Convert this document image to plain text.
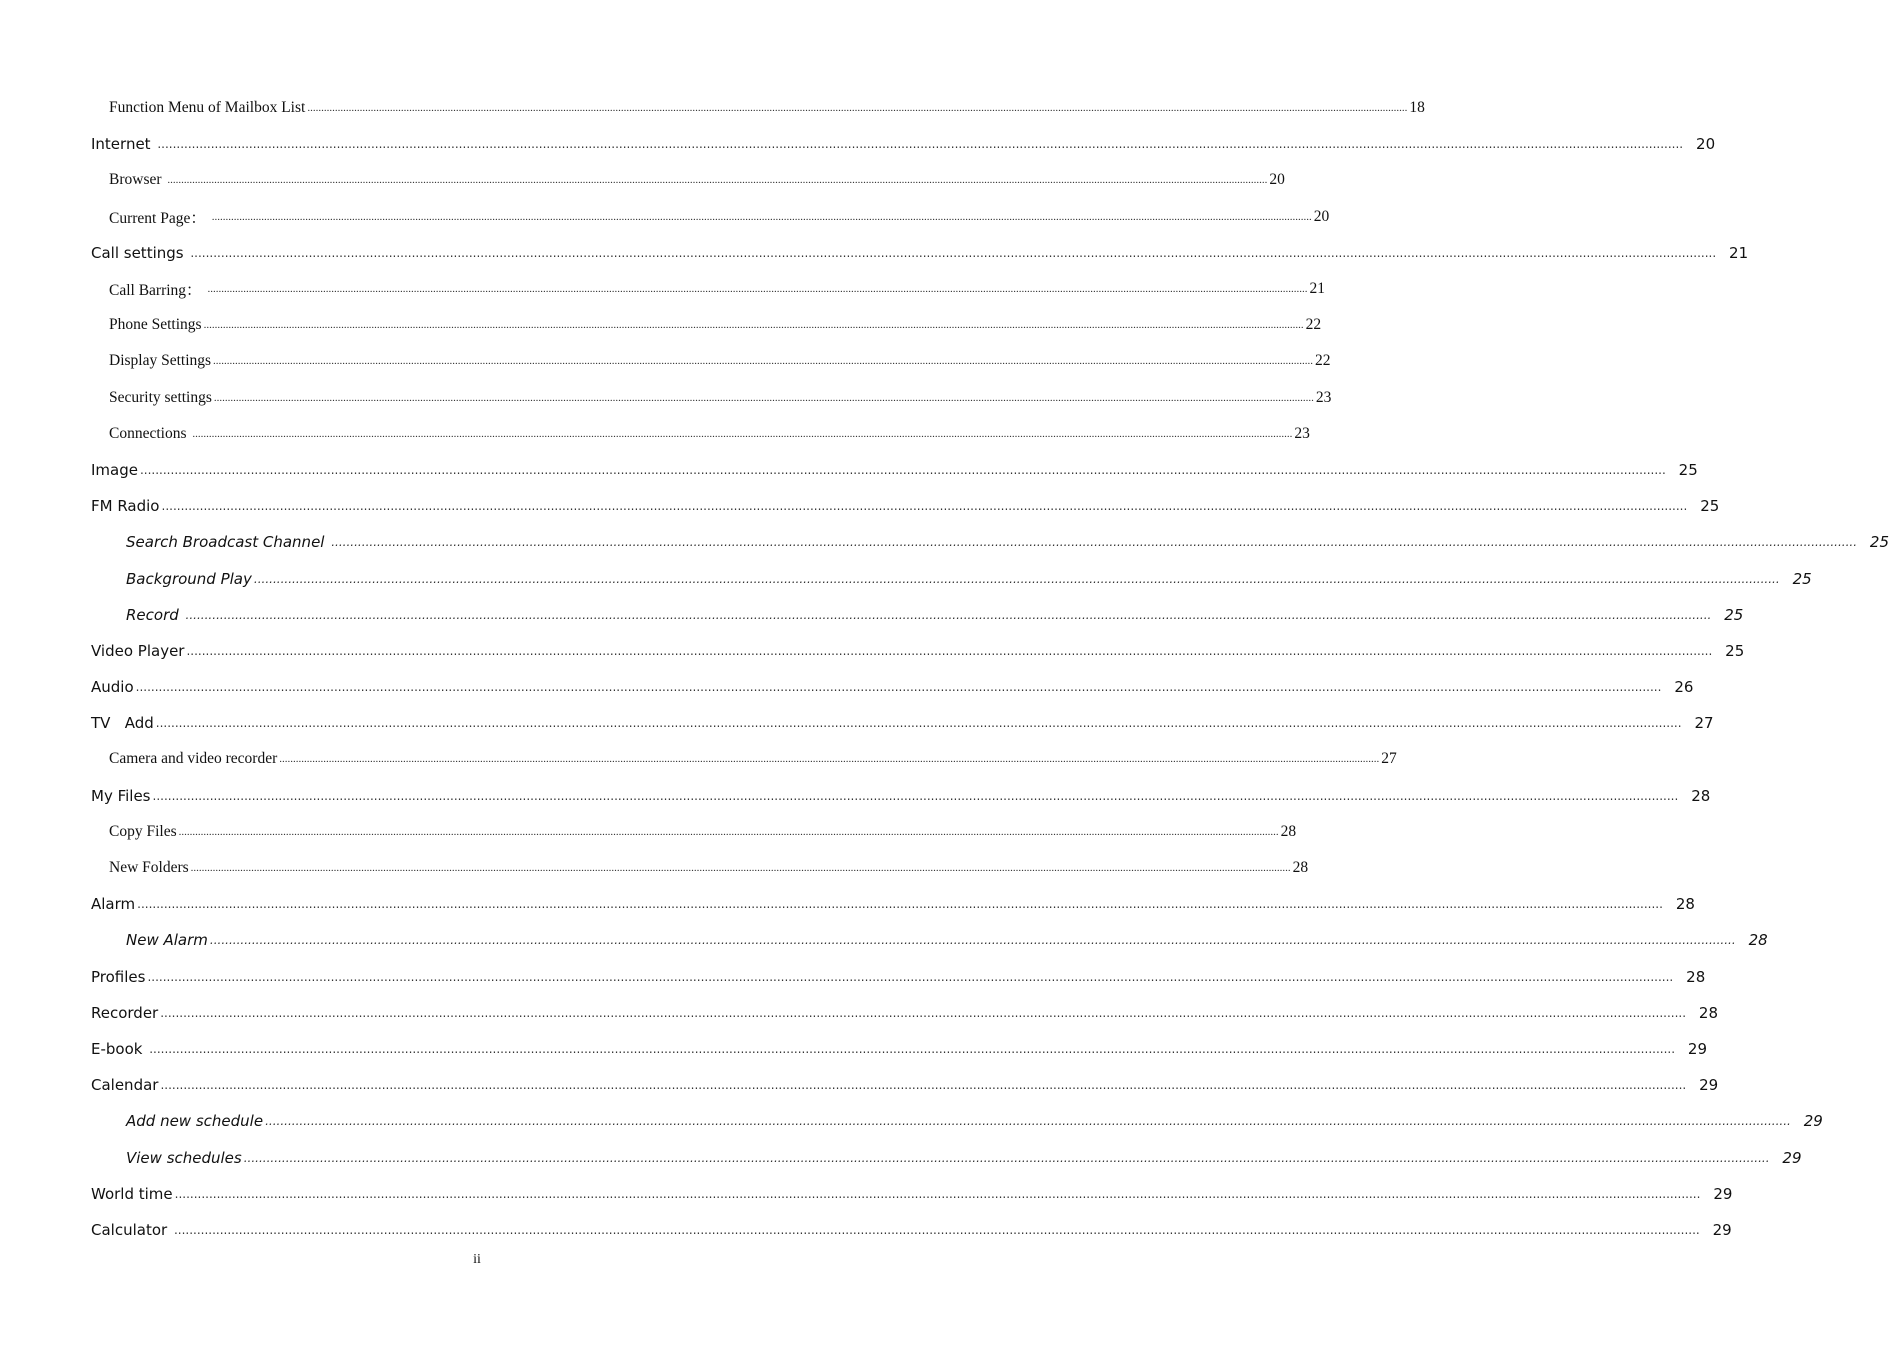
Function Menu of Mailbox List ................................................................................................................................................................................................................................................................................................................................................................................................................ 18
Internet ................................................................................................................................................................................................................................................................................................................................................................................................................ 20
Browser ................................................................................................................................................................................................................................................................................................................................................................................................................ 20
Current Page： ................................................................................................................................................................................................................................................................................................................................................................................................................ 20
Call settings ................................................................................................................................................................................................................................................................................................................................................................................................................ 21
Call Barring： ................................................................................................................................................................................................................................................................................................................................................................................................................ 21
Phone Settings ................................................................................................................................................................................................................................................................................................................................................................................................................ 22
Display Settings ................................................................................................................................................................................................................................................................................................................................................................................................................ 22
Security settings ................................................................................................................................................................................................................................................................................................................................................................................................................ 23
Connections ................................................................................................................................................................................................................................................................................................................................................................................................................ 23
Image ................................................................................................................................................................................................................................................................................................................................................................................................................ 25
FM Radio ................................................................................................................................................................................................................................................................................................................................................................................................................ 25
Search Broadcast Channel ................................................................................................................................................................................................................................................................................................................................................................................................................ 25
Background Play ................................................................................................................................................................................................................................................................................................................................................................................................................ 25
Record ................................................................................................................................................................................................................................................................................................................................................................................................................ 25
Video Player ................................................................................................................................................................................................................................................................................................................................................................................................................ 25
Audio ................................................................................................................................................................................................................................................................................................................................................................................................................ 26
TV   Add ................................................................................................................................................................................................................................................................................................................................................................................................................ 27
Camera and video recorder ................................................................................................................................................................................................................................................................................................................................................................................................................ 27
My Files ................................................................................................................................................................................................................................................................................................................................................................................................................ 28
Copy Files ................................................................................................................................................................................................................................................................................................................................................................................................................ 28
New Folders ................................................................................................................................................................................................................................................................................................................................................................................................................ 28
Alarm ................................................................................................................................................................................................................................................................................................................................................................................................................ 28
New Alarm ................................................................................................................................................................................................................................................................................................................................................................................................................ 28
Profiles ................................................................................................................................................................................................................................................................................................................................................................................................................ 28
Recorder ................................................................................................................................................................................................................................................................................................................................................................................................................ 28
E-book ................................................................................................................................................................................................................................................................................................................................................................................................................ 29
Calendar ................................................................................................................................................................................................................................................................................................................................................................................................................ 29
Add new schedule ................................................................................................................................................................................................................................................................................................................................................................................................................ 29
View schedules ................................................................................................................................................................................................................................................................................................................................................................................................................ 29
World time ................................................................................................................................................................................................................................................................................................................................................................................................................ 29
Calculator ................................................................................................................................................................................................................................................................................................................................................................................................................ 29
ii
